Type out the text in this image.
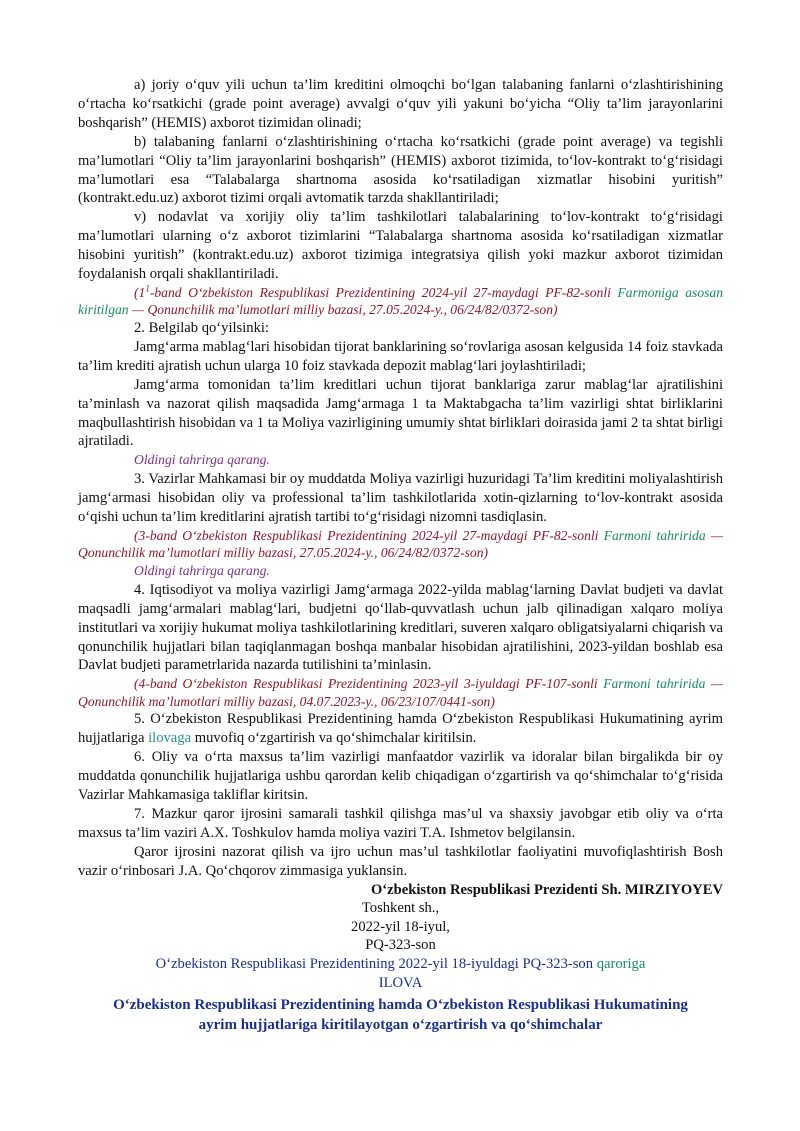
a) joriy o‘quv yili uchun ta’lim kreditini olmoqchi bo‘lgan talabaning fanlarni o‘zlashtirishining o‘rtacha ko‘rsatkichi (grade point average) avvalgi o‘quv yili yakuni bo‘yicha “Oliy ta’lim jarayonlarini boshqarish” (HEMIS) axborot tizimidan olinadi;

b) talabaning fanlarni o‘zlashtirishining o‘rtacha ko‘rsatkichi (grade point average) va tegishli ma’lumotlari “Oliy ta’lim jarayonlarini boshqarish” (HEMIS) axborot tizimida, to‘lov-kontrakt to‘g‘risidagi ma’lumotlari esa “Talabalarga shartnoma asosida ko‘rsatiladigan xizmatlar hisobini yuritish” (kontrakt.edu.uz) axborot tizimi orqali avtomatik tarzda shakllantiriladi;

v) nodavlat va xorijiy oliy ta’lim tashkilotlari talabalarining to‘lov-kontrakt to‘g‘risidagi ma’lumotlari ularning o‘z axborot tizimlarini “Talabalarga shartnoma asosida ko‘rsatiladigan xizmatlar hisobini yuritish” (kontrakt.edu.uz) axborot tizimiga integratsiya qilish yoki mazkur axborot tizimidan foydalanish orqali shakllantiriladi.

($1^1$-band O‘zbekiston Respublikasi Prezidentining 2024-yil 27-maydagi PF-82-sonli Farmoniga asosan kiritilgan — Qonunchilik ma’lumotlari milliy bazasi, 27.05.2024-y., 06/24/82/0372-son)

2. Belgilab qo‘yilsinki:

Jamg‘arma mablag‘lari hisobidan tijorat banklarining so‘rovlariga asosan kelgusida 14 foiz stavkada ta’lim krediti ajratish uchun ularga 10 foiz stavkada depozit mablag‘lari joylashtiriladi;

Jamg‘arma tomonidan ta’lim kreditlari uchun tijorat banklariga zarur mablag‘lar ajratilishini ta’minlash va nazorat qilish maqsadida Jamg‘armaga 1 ta Maktabgacha ta’lim vazirligi shtat birliklarini maqbullashtirish hisobidan va 1 ta Moliya vazirligining umumiy shtat birliklari doirasida jami 2 ta shtat birligi ajratiladi.

Oldingi tahrirga qarang.

3. Vazirlar Mahkamasi bir oy muddatda Moliya vazirligi huzuridagi Ta’lim kreditini moliyalashtirish jamg‘armasi hisobidan oliy va professional ta’lim tashkilotlarida xotin-qizlarning to‘lov-kontrakt asosida o‘qishi uchun ta’lim kreditlarini ajratish tartibi to‘g‘risidagi nizomni tasdiqlasin.

(3-band O‘zbekiston Respublikasi Prezidentining 2024-yil 27-maydagi PF-82-sonli Farmoni tahririda — Qonunchilik ma’lumotlari milliy bazasi, 27.05.2024-y., 06/24/82/0372-son)

Oldingi tahrirga qarang.

4. Iqtisodiyot va moliya vazirligi Jamg‘armaga 2022-yilda mablag‘larning Davlat budjeti va davlat maqsadli jamg‘armalari mablag‘lari, budjetni qo‘llab-quvvatlash uchun jalb qilinadigan xalqaro moliya institutlari va xorijiy hukumat moliya tashkilotlarining kreditlari, suveren xalqaro obligatsiyalarni chiqarish va qonunchilik hujjatlari bilan taqiqlanmagan boshqa manbalar hisobidan ajratilishini, 2023-yildan boshlab esa Davlat budjeti parametrlarida nazarda tutilishini ta’minlasin.

(4-band O‘zbekiston Respublikasi Prezidentining 2023-yil 3-iyuldagi PF-107-sonli Farmoni tahririda — Qonunchilik ma’lumotlari milliy bazasi, 04.07.2023-y., 06/23/107/0441-son)

5. O‘zbekiston Respublikasi Prezidentining hamda O‘zbekiston Respublikasi Hukumatining ayrim hujjatlariga ilovaga muvofiq o‘zgartirish va qo‘shimchalar kiritilsin.

6. Oliy va o‘rta maxsus ta’lim vazirligi manfaatdor vazirlik va idoralar bilan birgalikda bir oy muddatda qonunchilik hujjatlariga ushbu qarordan kelib chiqadigan o‘zgartirish va qo‘shimchalar to‘g‘risida Vazirlar Mahkamasiga takliflar kiritsin.

7. Mazkur qaror ijrosini samarali tashkil qilishga mas’ul va shaxsiy javobgar etib oliy va o‘rta maxsus ta’lim vaziri A.X. Toshkulov hamda moliya vaziri T.A. Ishmetov belgilansin.

Qaror ijrosini nazorat qilish va ijro uchun mas’ul tashkilotlar faoliyatini muvofiqlashtirish Bosh vazir o‘rinbosari J.A. Qo‘chqorov zimmasiga yuklansin.

O‘zbekiston Respublikasi Prezidenti Sh. MIRZIYOYEV

Toshkent sh.,
2022-yil 18-iyul,
PQ-323-son
O‘zbekiston Respublikasi Prezidentining 2022-yil 18-iyuldagi PQ-323-son qaroriga
ILOVA
O‘zbekiston Respublikasi Prezidentining hamda O‘zbekiston Respublikasi Hukumatining
ayrim hujjatlariga kiritilayotgan o‘zgartirish va qo‘shimchalar
